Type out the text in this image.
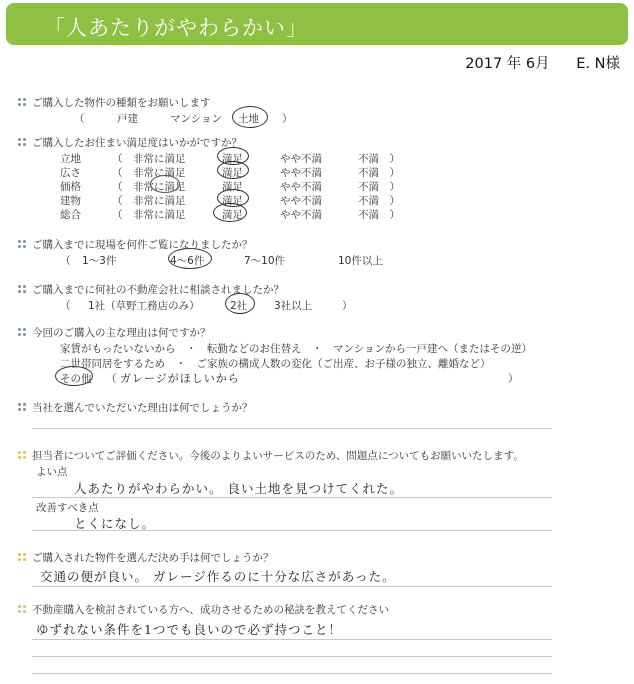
「人あたりがやわらかい」
2017 年 6月 E. N様
ご購入した物件の種類をお願いします
（	戸建	マンション 土地 ）
ご購入したお住まい満足度はいかがですか？
立地	（　非常に満足	満足	やや不満	不満　）
広さ	（　非常に満足	満足	やや不満	不満　）
価格	（　非常に満足	満足	やや不満	不満　）
建物	（　非常に満足	満足	やや不満	不満　）
総合	（　非常に満足	満足	やや不満	不満　）
ご購入までに現場を何件ご覧になりましたか？
（ 1～3件	4～6件	7～10件	10件以上
ご購入までに何社の不動産会社に相談されましたか？
（ 1社（草野工務店のみ）	2社	3社以上	）
今回のご購入の主な理由は何ですか？
家賃がもったいないから　・　転勤などのお住替え　・　マンションから一戸建へ（またはその逆）
二世帯同居をするため　・　ご家族の構成人数の変化（ご出産、お子様の独立、離婚など）
その他 （ ガレージがほしいから	）
当社を選んでいただいた理由は何でしょうか？
担当者についてご評価ください。今後のよりよいサービスのため、問題点についてもお願いいたします。
よい点
人あたりがやわらかい。 良い土地を見つけてくれた。
改善すべき点
とくになし。
ご購入された物件を選んだ決め手は何でしょうか？
交通の便が良い。 ガレージ作るのに十分な広さがあった。
不動産購入を検討されている方へ、成功させるための秘訣を教えてください
ゆずれない条件を1つでも良いので必ず持つこと！
